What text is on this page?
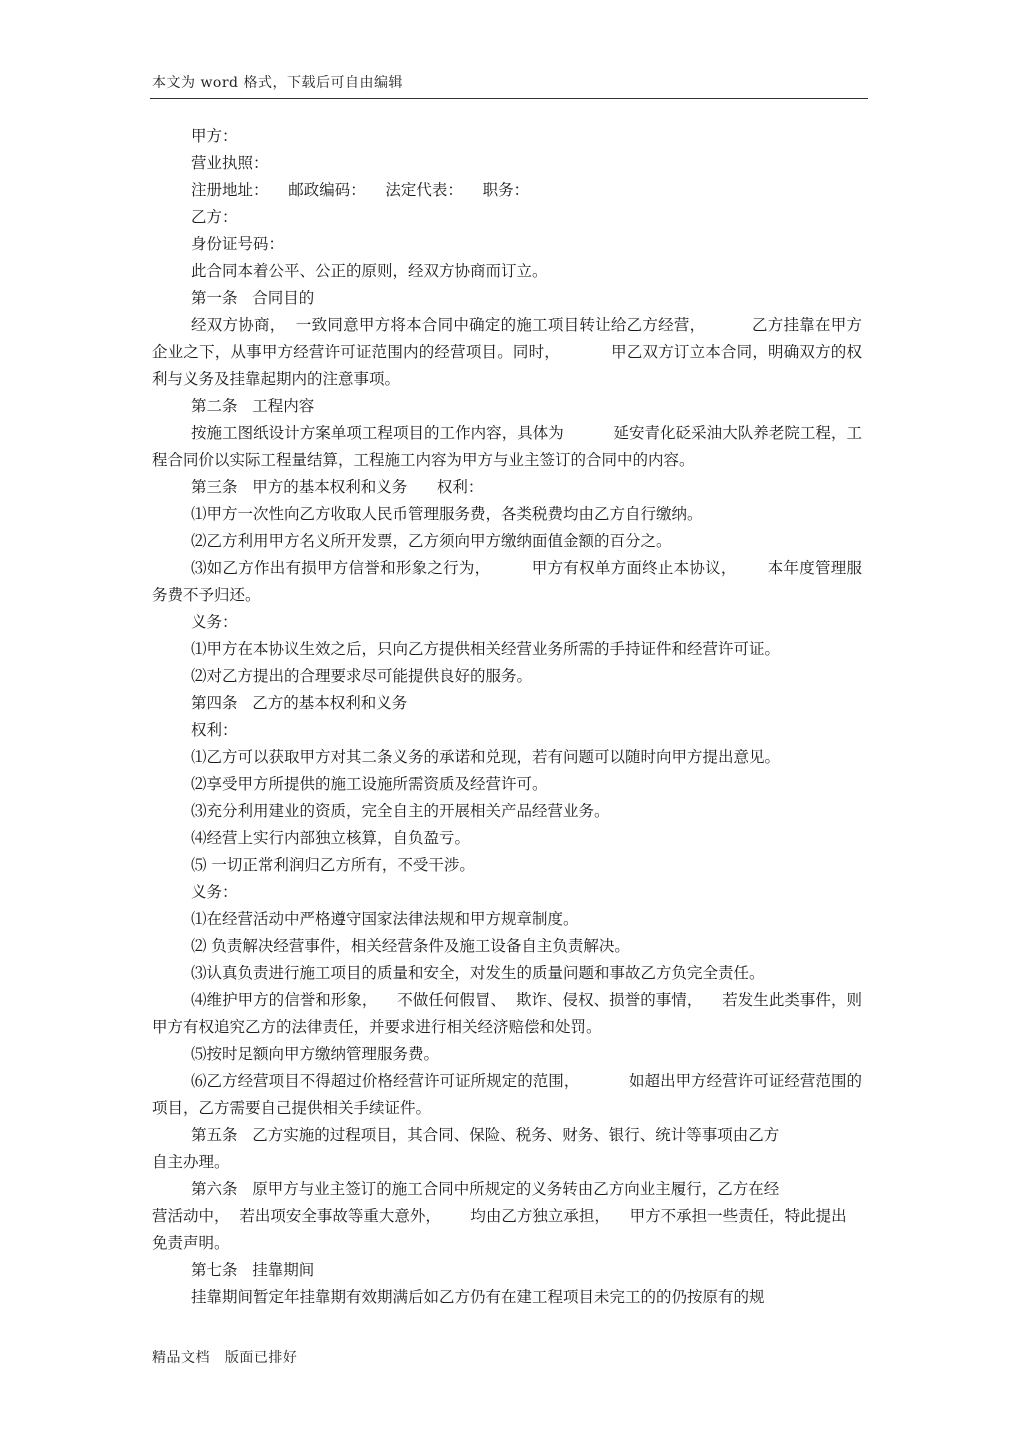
本文为 word 格式，下载后可自由编辑

甲方：

营业执照：

注册地址：    邮政编码：    法定代表：    职务：

乙方：

身份证号码：

此合同本着公平、公正的原则，经双方协商而订立。

第一条   合同目的

经双方协商，  一致同意甲方将本合同中确定的施工项目转让给乙方经营，         乙方挂靠在甲方企业之下，从事甲方经营许可证范围内的经营项目。同时，          甲乙双方订立本合同，明确双方的权利与义务及挂靠起期内的注意事项。

第二条   工程内容

按施工图纸设计方案单项工程项目的工作内容，具体为          延安青化砭采油大队养老院工程，工程合同价以实际工程量结算，工程施工内容为甲方与业主签订的合同中的内容。

第三条   甲方的基本权利和义务      权利：

⑴甲方一次性向乙方收取人民币管理服务费，各类税费均由乙方自行缴纳。

⑵乙方利用甲方名义所开发票，乙方须向甲方缴纳面值金额的百分之。

⑶如乙方作出有损甲方信誉和形象之行为，        甲方有权单方面终止本协议，      本年度管理服务费不予归还。

义务：

⑴甲方在本协议生效之后，只向乙方提供相关经营业务所需的手持证件和经营许可证。

⑵对乙方提出的合理要求尽可能提供良好的服务。

第四条   乙方的基本权利和义务

权利：

⑴乙方可以获取甲方对其二条义务的承诺和兑现，若有问题可以随时向甲方提出意见。

⑵享受甲方所提供的施工设施所需资质及经营许可。

⑶充分利用建业的资质，完全自主的开展相关产品经营业务。

⑷经营上实行内部独立核算，自负盈亏。

⑸ 一切正常利润归乙方所有，不受干涉。

义务：

⑴在经营活动中严格遵守国家法律法规和甲方规章制度。

⑵ 负责解决经营事件，相关经营条件及施工设备自主负责解决。

⑶认真负责进行施工项目的质量和安全，对发生的质量问题和事故乙方负完全责任。

⑷维护甲方的信誉和形象，    不做任何假冒、  欺诈、侵权、损誉的事情，    若发生此类事件，则甲方有权追究乙方的法律责任，并要求进行相关经济赔偿和处罚。

⑸按时足额向甲方缴纳管理服务费。

⑹乙方经营项目不得超过价格经营许可证所规定的范围，          如超出甲方经营许可证经营范围的项目，乙方需要自己提供相关手续证件。

第五条   乙方实施的过程项目，其合同、保险、税务、财务、银行、统计等事项由乙方
自主办理。

第六条   原甲方与业主签订的施工合同中所规定的义务转由乙方向业主履行，乙方在经
营活动中，  若出项安全事故等重大意外，      均由乙方独立承担，    甲方不承担一些责任，特此提出免责声明。

第七条   挂靠期间

挂靠期间暂定年挂靠期有效期满后如乙方仍有在建工程项目未完工的的仍按原有的规

精品文档   版面已排好
